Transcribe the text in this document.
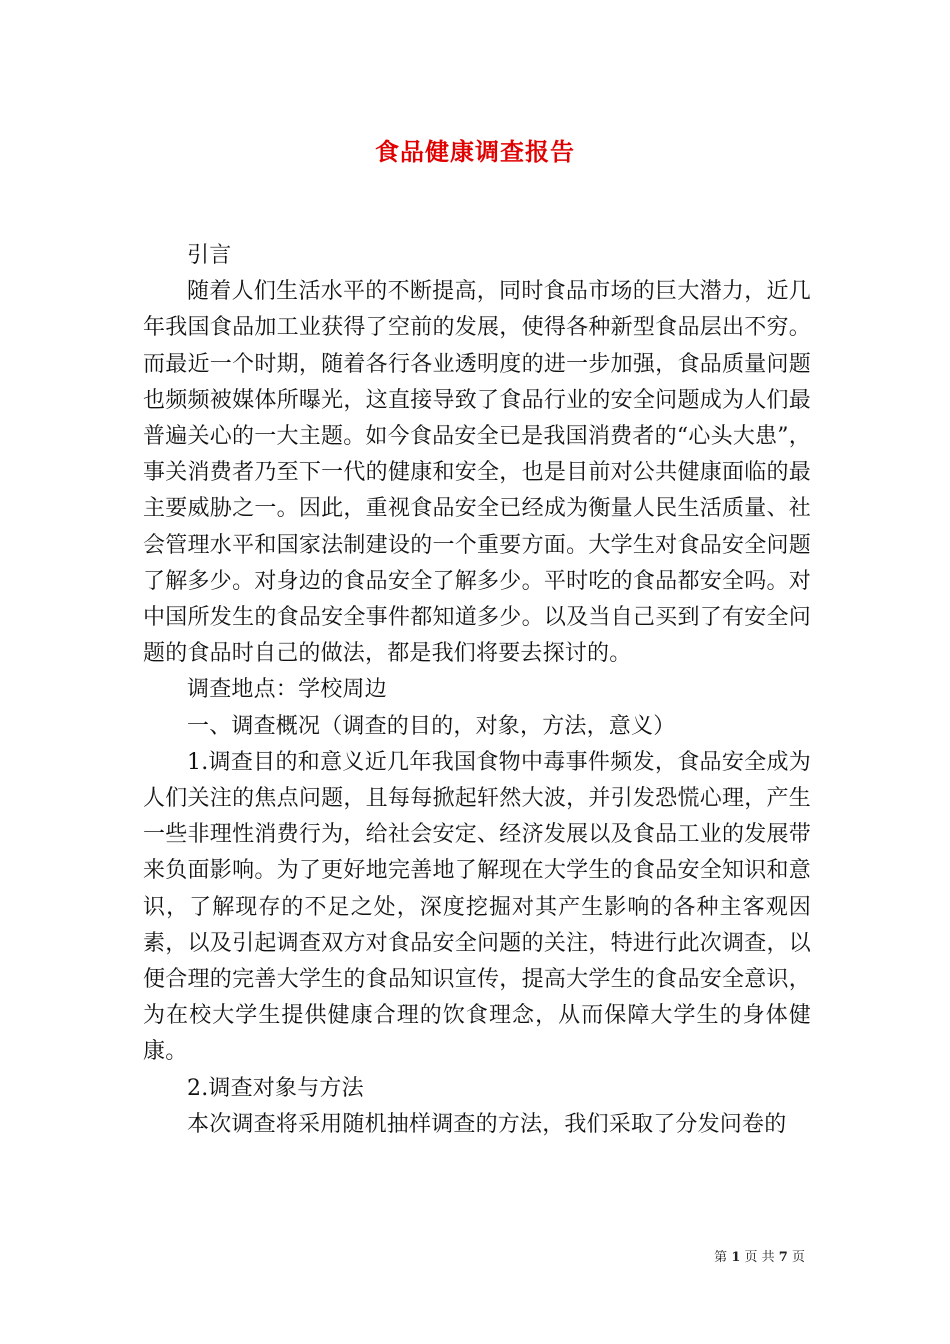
食品健康调查报告

引言

随着人们生活水平的不断提高，同时食品市场的巨大潜力，近几年我国食品加工业获得了空前的发展，使得各种新型食品层出不穷。而最近一个时期，随着各行各业透明度的进一步加强，食品质量问题也频频被媒体所曝光，这直接导致了食品行业的安全问题成为人们最普遍关心的一大主题。如今食品安全已是我国消费者的“心头大患”，事关消费者乃至下一代的健康和安全，也是目前对公共健康面临的最主要威胁之一。因此，重视食品安全已经成为衡量人民生活质量、社会管理水平和国家法制建设的一个重要方面。大学生对食品安全问题了解多少。对身边的食品安全了解多少。平时吃的食品都安全吗。对中国所发生的食品安全事件都知道多少。以及当自己买到了有安全问题的食品时自己的做法，都是我们将要去探讨的。

调查地点：学校周边

一、调查概况（调查的目的，对象，方法，意义）

1.调查目的和意义近几年我国食物中毒事件频发，食品安全成为人们关注的焦点问题，且每每掀起轩然大波，并引发恐慌心理，产生一些非理性消费行为，给社会安定、经济发展以及食品工业的发展带来负面影响。为了更好地完善地了解现在大学生的食品安全知识和意识，了解现存的不足之处，深度挖掘对其产生影响的各种主客观因素，以及引起调查双方对食品安全问题的关注，特进行此次调查，以便合理的完善大学生的食品知识宣传，提高大学生的食品安全意识，为在校大学生提供健康合理的饮食理念，从而保障大学生的身体健康。

2.调查对象与方法

本次调查将采用随机抽样调查的方法，我们采取了分发问卷的

第 1 页 共 7 页
